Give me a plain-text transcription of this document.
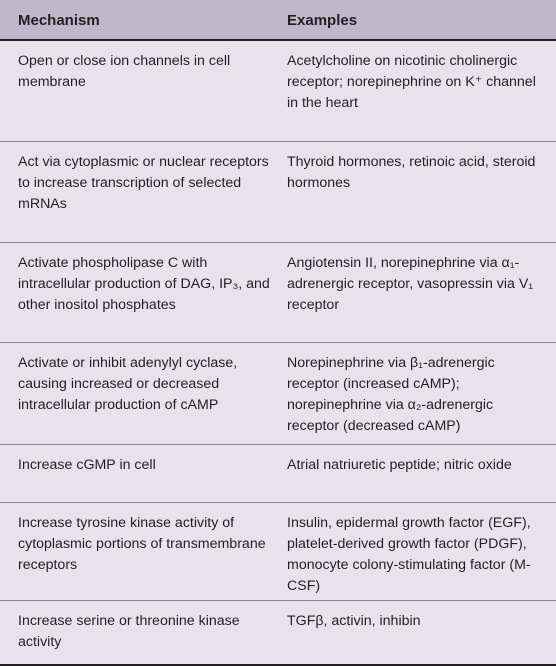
Mechanism	Examples
Open or close ion channels in cell membrane
Acetylcholine on nicotinic cholinergic receptor; norepinephrine on K⁺ channel in the heart
Act via cytoplasmic or nuclear receptors to increase transcription of selected mRNAs
Thyroid hormones, retinoic acid, steroid hormones
Activate phospholipase C with intracellular production of DAG, IP₃, and other inositol phosphates
Angiotensin II, norepinephrine via α₁-adrenergic receptor, vasopressin via V₁ receptor
Activate or inhibit adenylyl cyclase, causing increased or decreased intracellular production of cAMP
Norepinephrine via β₁-adrenergic receptor (increased cAMP); norepinephrine via α₂-adrenergic receptor (decreased cAMP)
Increase cGMP in cell	Atrial natriuretic peptide; nitric oxide
Increase tyrosine kinase activity of cytoplasmic portions of transmembrane receptors
Insulin, epidermal growth factor (EGF), platelet-derived growth factor (PDGF), monocyte colony-stimulating factor (M-CSF)
Increase serine or threonine kinase activity
TGFβ, activin, inhibin
